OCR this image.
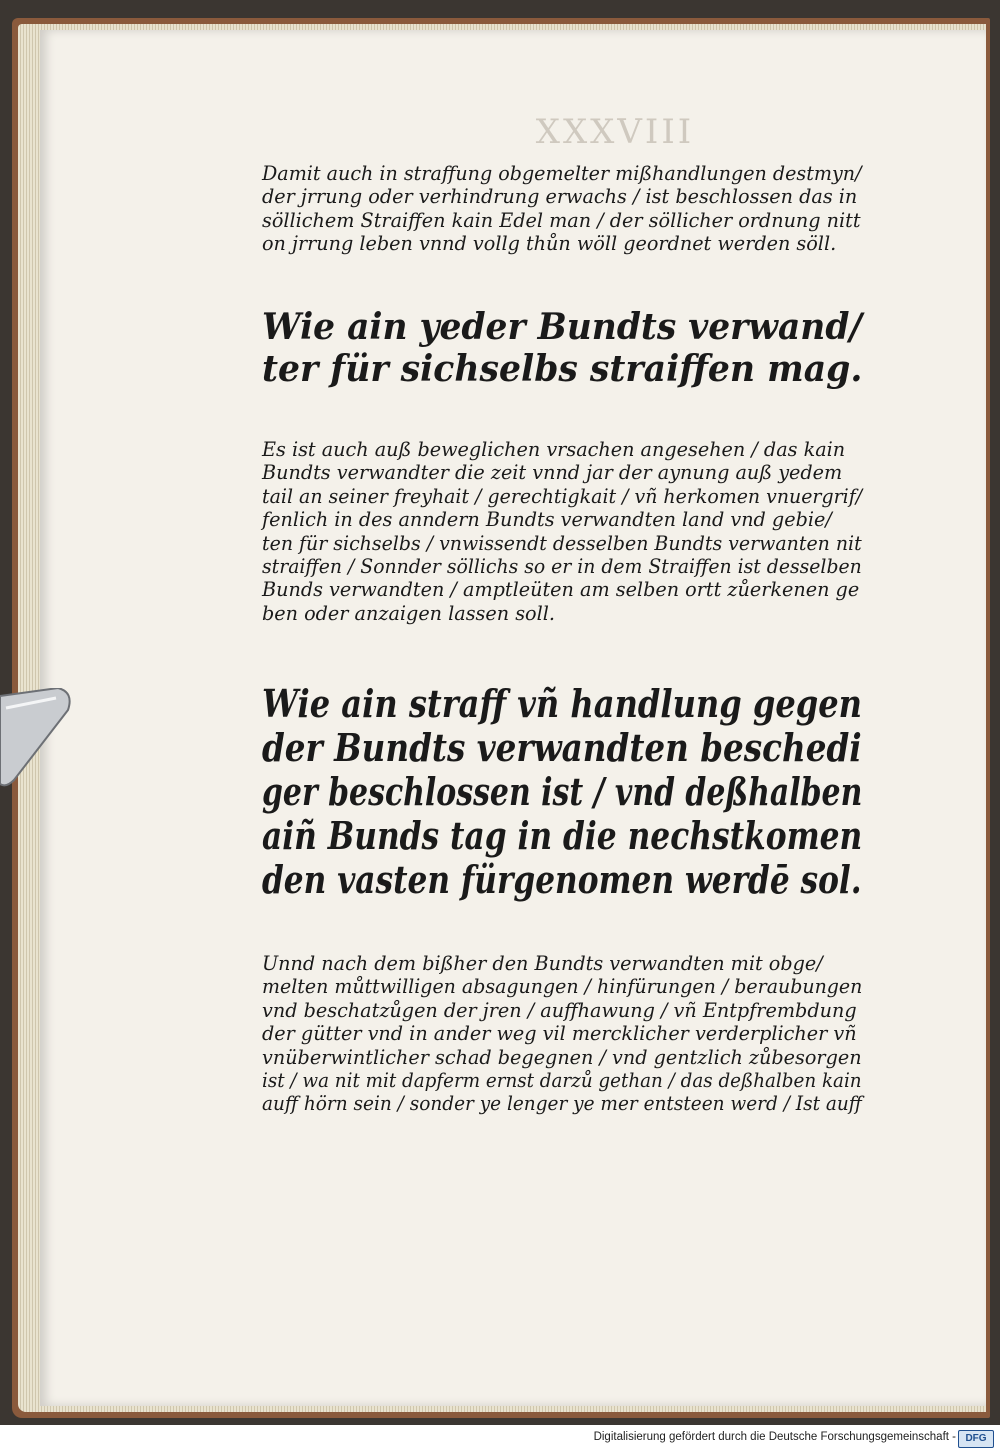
XXXVIII
Damit auch in straffung obgemelter mißhandlungen destmyn/
der jrrung oder verhindrung erwachs / ist beschlossen das in
söllichem Straiffen kain Edel man / der söllicher ordnung nitt
on jrrung leben vnnd vollg thůn wöll geordnet werden söll.
Wie ain yeder Bundts verwand/
ter für sichselbs straiffen mag.
Es ist auch auß beweglichen vrsachen angesehen / das kain
Bundts verwandter die zeit vnnd jar der aynung auß yedem
tail an seiner freyhait / gerechtigkait / vñ herkomen vnuergrif/
fenlich in des anndern Bundts verwandten land vnd gebie/
ten für sichselbs / vnwissendt desselben Bundts verwanten nit
straiffen / Sonnder söllichs so er in dem Straiffen ist desselben
Bunds verwandten / amptleüten am selben ortt zůerkenen ge
ben oder anzaigen lassen soll.
Wie ain straff vñ handlung gegen
der Bundts verwandten beschedi
ger beschlossen ist / vnd deßhalben
aiñ Bunds tag in die nechstkomen
den vasten fürgenomen werdē sol.
Unnd nach dem bißher den Bundts verwandten mit obge/
melten můttwilligen absagungen / hinfürungen / beraubungen
vnd beschatzůgen der jren / auffhawung / vñ Entpfrembdung
der gütter vnd in ander weg vil mercklicher verderplicher vñ
vnüberwintlicher schad begegnen / vnd gentzlich zůbesorgen
ist / wa nit mit dapferm ernst darzů gethan / das deßhalben kain
auff hörn sein / sonder ye lenger ye mer entsteen werd / Ist auff
Digitalisierung gefördert durch die Deutsche Forschungsgemeinschaft - DFG
